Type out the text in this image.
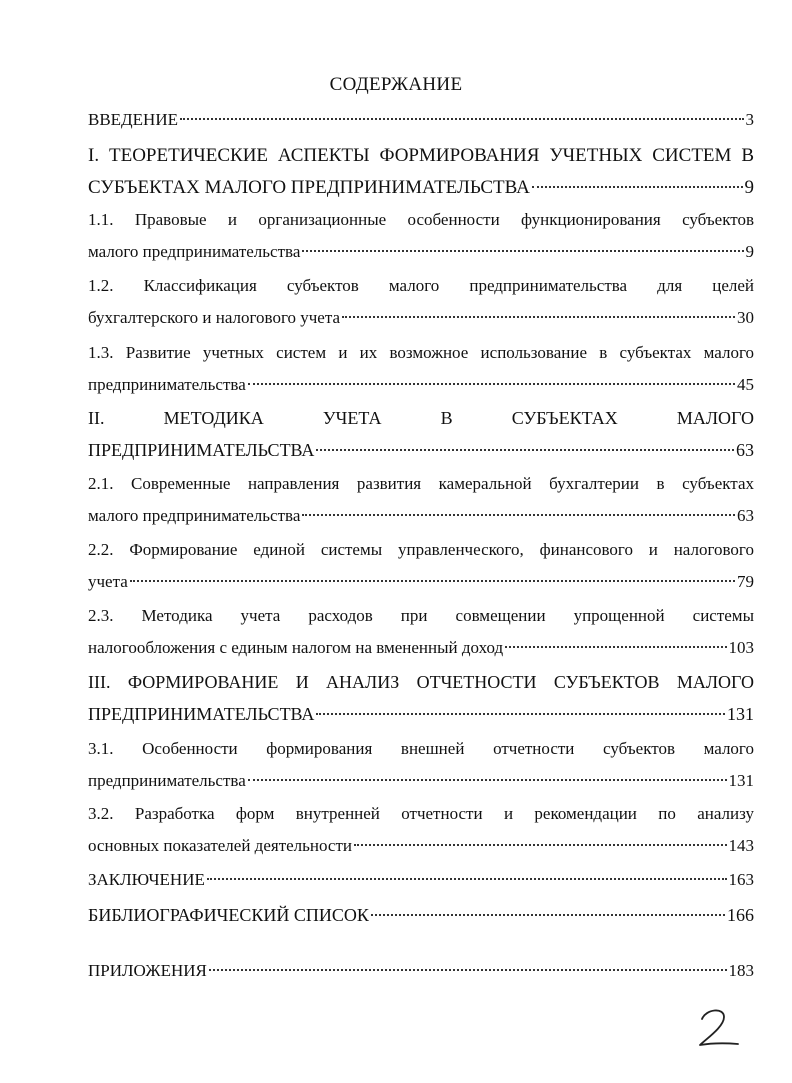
СОДЕРЖАНИЕ
ВВЕДЕНИЕ	3
I. ТЕОРЕТИЧЕСКИЕ АСПЕКТЫ ФОРМИРОВАНИЯ УЧЕТНЫХ СИСТЕМ В
СУБЪЕКТАХ МАЛОГО ПРЕДПРИНИМАТЕЛЬСТВА	9
1.1. Правовые и организационные особенности функционирования субъектов
малого предпринимательства	9
1.2. Классификация субъектов малого предпринимательства для целей
бухгалтерского и налогового учета	30
1.3. Развитие учетных систем и их возможное использование в субъектах малого
предпринимательства	45
II. МЕТОДИКА УЧЕТА В СУБЪЕКТАХ МАЛОГО
ПРЕДПРИНИМАТЕЛЬСТВА	63
2.1. Современные направления развития камеральной бухгалтерии в субъектах
малого предпринимательства	63
2.2. Формирование единой системы управленческого, финансового и налогового
учета	79
2.3. Методика учета расходов при совмещении упрощенной системы
налогообложения с единым налогом на вмененный доход	103
III. ФОРМИРОВАНИЕ И АНАЛИЗ ОТЧЕТНОСТИ СУБЪЕКТОВ МАЛОГО
ПРЕДПРИНИМАТЕЛЬСТВА	131
3.1. Особенности формирования внешней отчетности субъектов малого
предпринимательства	131
3.2. Разработка форм внутренней отчетности и рекомендации по анализу
основных показателей деятельности	143
ЗАКЛЮЧЕНИЕ	163
БИБЛИОГРАФИЧЕСКИЙ СПИСОК	166
ПРИЛОЖЕНИЯ	183
